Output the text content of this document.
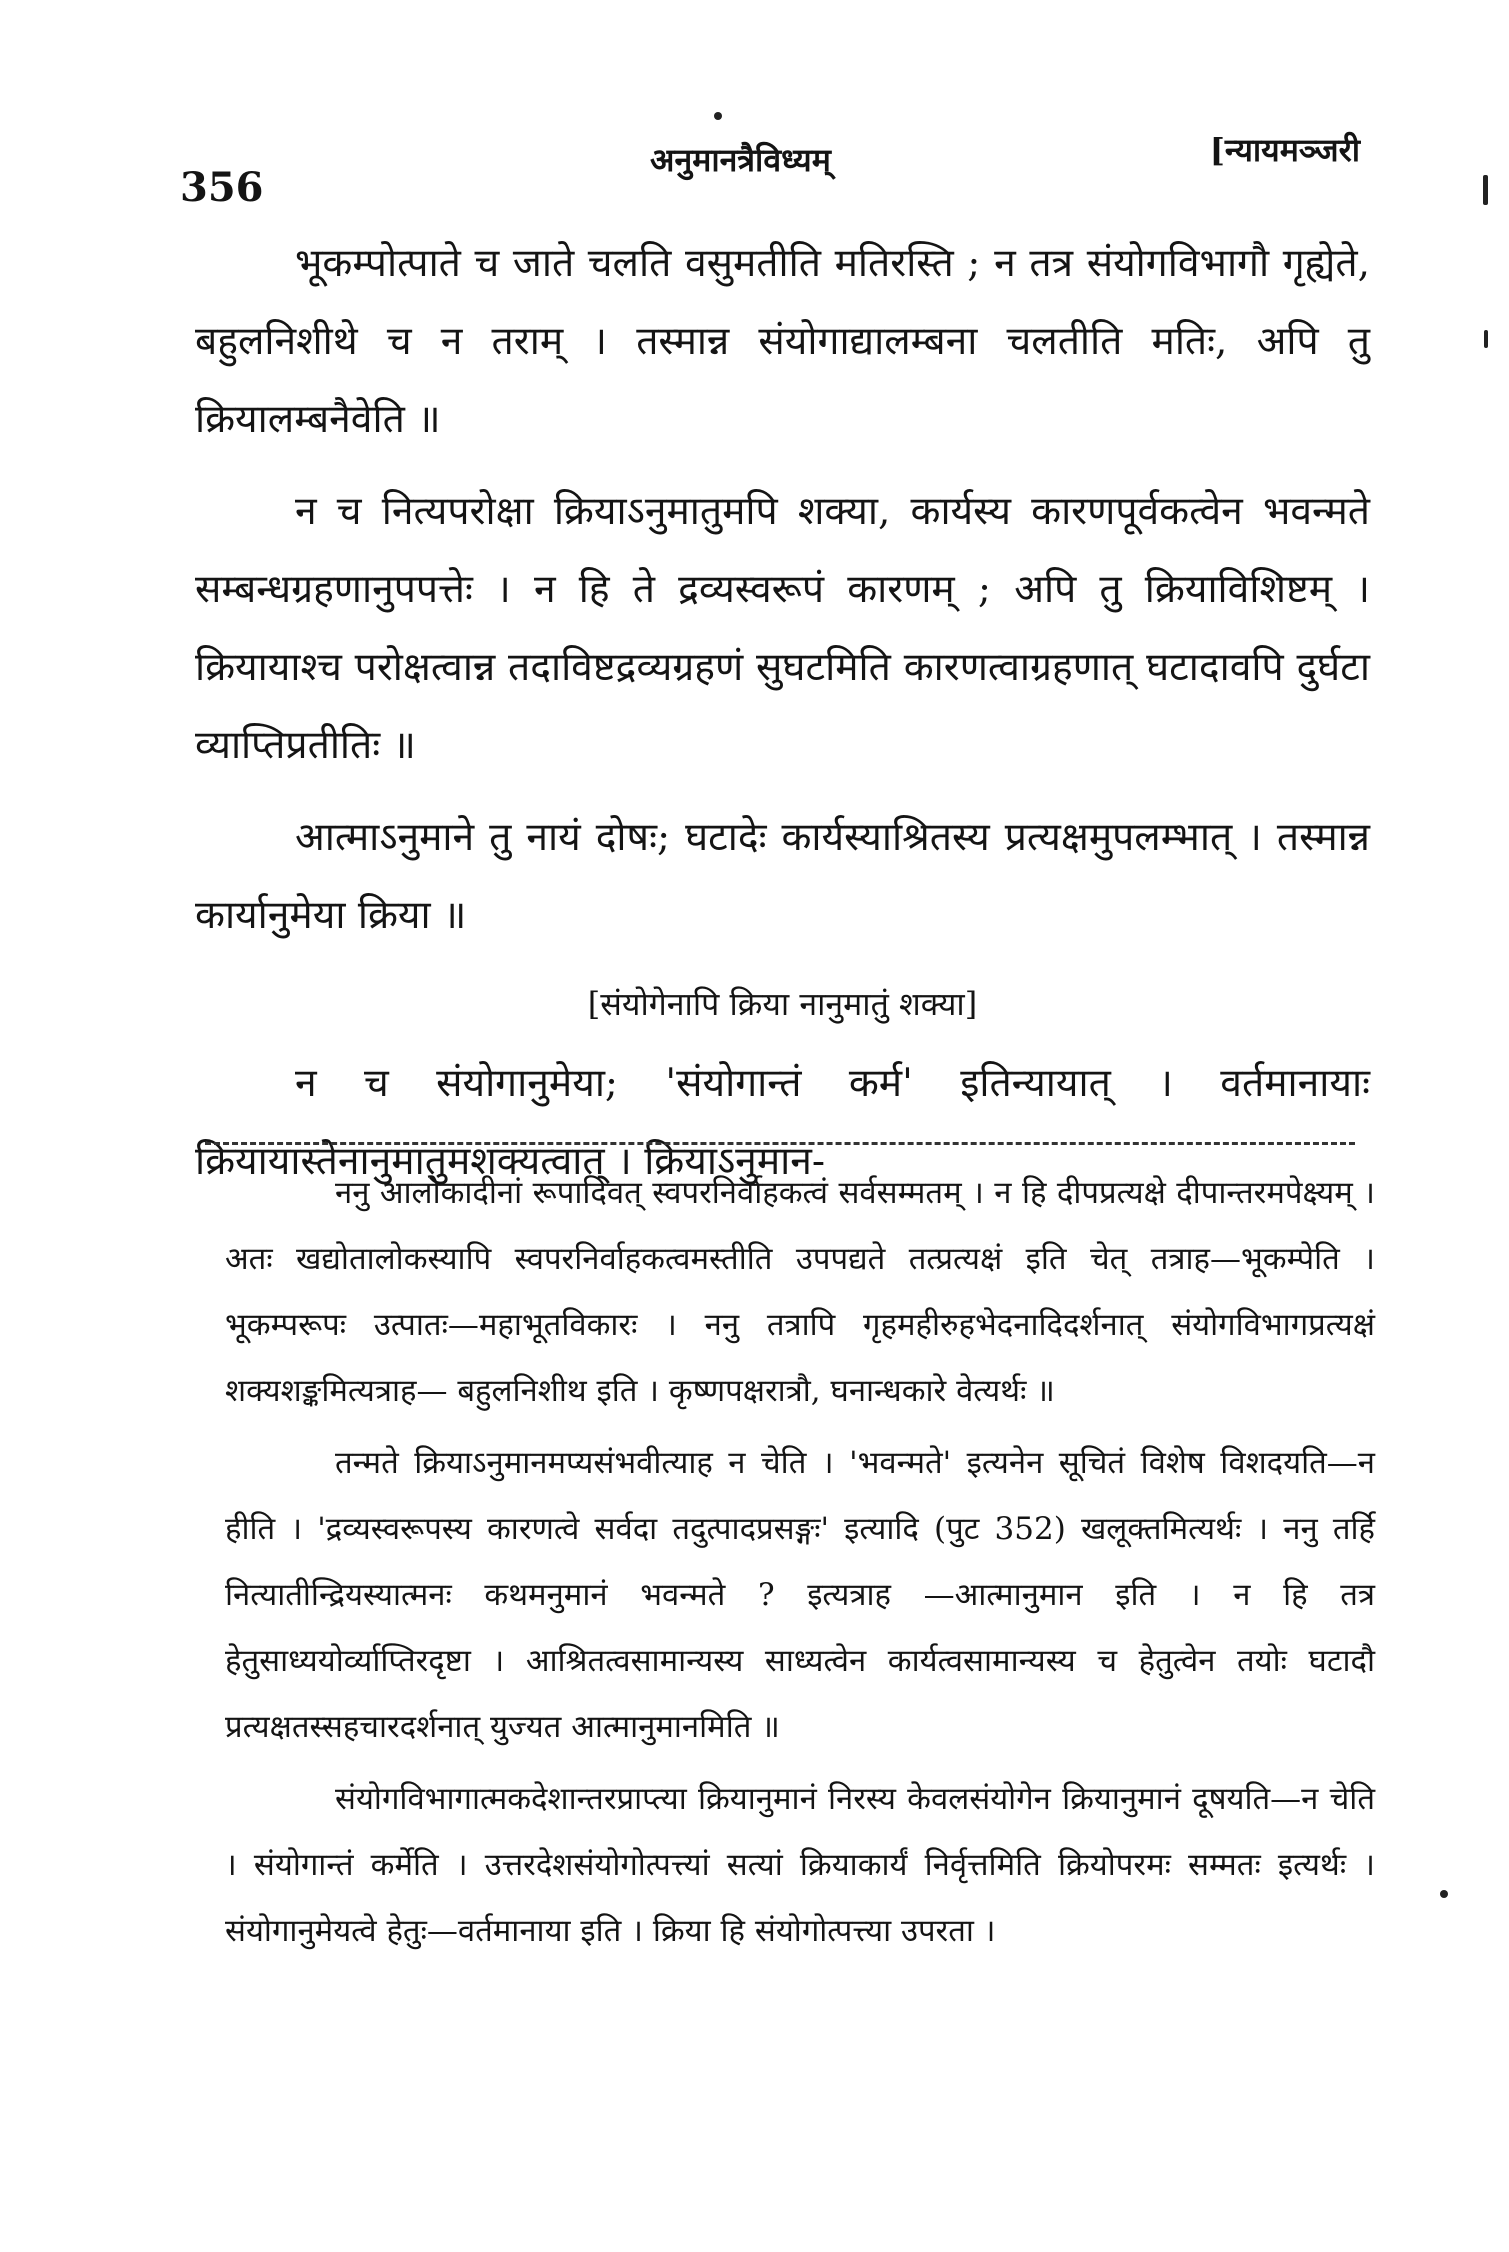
356
अनुमानत्रैविध्यम्	[न्यायमञ्जरी

भूकम्पोत्पाते च जाते चलति वसुमतीति मतिरस्ति ; न तत्र संयोगविभागौ गृह्येते, बहुलनिशीथे च न तराम् । तस्मान्न संयोगाद्यालम्बना चलतीति मतिः, अपि तु क्रियालम्बनैवेति ॥

न च नित्यपरोक्षा क्रियाऽनुमातुमपि शक्या, कार्यस्य कारणपूर्वकत्वेन भवन्मते सम्बन्धग्रहणानुपपत्तेः । न हि ते द्रव्यस्वरूपं कारणम् ; अपि तु क्रियाविशिष्टम् । क्रियायाश्च परोक्षत्वान्न तदाविष्टद्रव्यग्रहणं सुघटमिति कारणत्वाग्रहणात् घटादावपि दुर्घटा व्याप्तिप्रतीतिः ॥

आत्माऽनुमाने तु नायं दोषः; घटादेः कार्यस्याश्रितस्य प्रत्यक्षमुपलम्भात् । तस्मान्न कार्यानुमेया क्रिया ॥

[संयोगेनापि क्रिया नानुमातुं शक्या]

न च संयोगानुमेया; 'संयोगान्तं कर्म' इतिन्यायात् । वर्तमानायाः क्रियायास्तेनानुमातुमशक्यत्वात् । क्रियाऽनुमान-

ननु आलोकादीनां रूपादिवत् स्वपरनिर्वाहकत्वं सर्वसम्मतम् । न हि दीपप्रत्यक्षे दीपान्तरमपेक्ष्यम् । अतः खद्योतालोकस्यापि स्वपरनिर्वाहकत्वमस्तीति उपपद्यते तत्प्रत्यक्षं इति चेत् तत्राह—भूकम्पेति । भूकम्परूपः उत्पातः—महाभूतविकारः । ननु तत्रापि गृहमहीरुहभेदनादिदर्शनात् संयोगविभागप्रत्यक्षं शक्यशङ्कमित्यत्राह— बहुलनिशीथ इति । कृष्णपक्षरात्रौ, घनान्धकारे वेत्यर्थः ॥

तन्मते क्रियाऽनुमानमप्यसंभवीत्याह न चेति । 'भवन्मते' इत्यनेन सूचितं विशेष विशदयति—न हीति । 'द्रव्यस्वरूपस्य कारणत्वे सर्वदा तदुत्पादप्रसङ्गः' इत्यादि (पुट 352) खलूक्तमित्यर्थः । ननु तर्हि नित्यातीन्द्रियस्यात्मनः कथमनुमानं भवन्मते ? इत्यत्राह —आत्मानुमान इति । न हि तत्र हेतुसाध्ययोर्व्याप्तिरदृष्टा । आश्रितत्वसामान्यस्य साध्यत्वेन कार्यत्वसामान्यस्य च हेतुत्वेन तयोः घटादौ प्रत्यक्षतस्सहचारदर्शनात् युज्यत आत्मानुमानमिति ॥

संयोगविभागात्मकदेशान्तरप्राप्त्या क्रियानुमानं निरस्य केवलसंयोगेन क्रियानुमानं दूषयति—न चेति । संयोगान्तं कर्मेति । उत्तरदेशसंयोगोत्पत्त्यां सत्यां क्रियाकार्यं निर्वृत्तमिति क्रियोपरमः सम्मतः इत्यर्थः । संयोगानुमेयत्वे हेतुः—वर्तमानाया इति । क्रिया हि संयोगोत्पत्त्या उपरता ।
